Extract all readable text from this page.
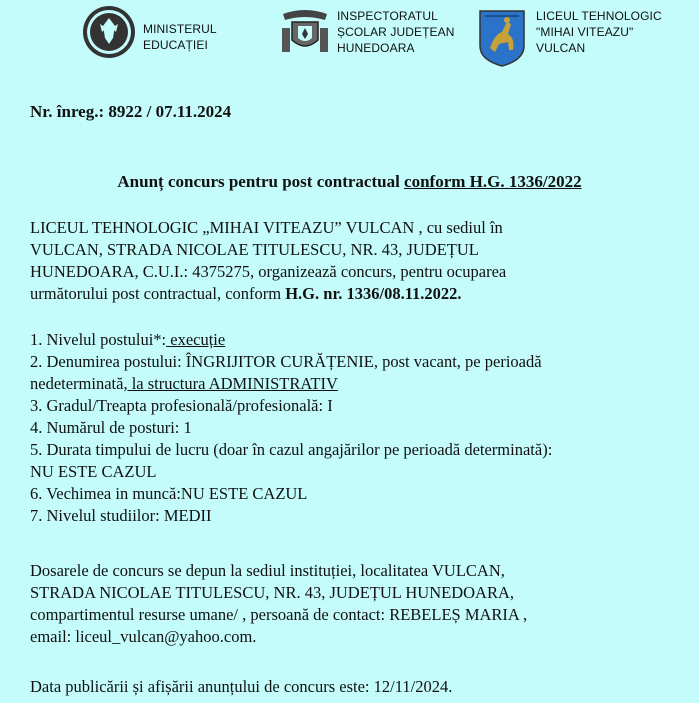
MINISTERUL
EDUCAȚIEI
INSPECTORATUL
ȘCOLAR JUDEȚEAN
HUNEDOARA
LICEUL TEHNOLOGIC
"MIHAI VITEAZU"
VULCAN
Nr. înreg.: 8922 / 07.11.2024
Anunț concurs pentru post contractual conform H.G. 1336/2022
LICEUL TEHNOLOGIC „MIHAI VITEAZU” VULCAN , cu sediul în
VULCAN, STRADA NICOLAE TITULESCU, NR. 43, JUDEȚUL
HUNEDOARA, C.U.I.: 4375275, organizează concurs, pentru ocuparea
următorului post contractual, conform H.G. nr. 1336/08.11.2022.
1. Nivelul postului*: execuție
2. Denumirea postului: ÎNGRIJITOR CURĂȚENIE, post vacant, pe perioadă
nedeterminată, la structura ADMINISTRATIV
3. Gradul/Treapta profesională/profesională: I
4. Numărul de posturi: 1
5. Durata timpului de lucru (doar în cazul angajărilor pe perioadă determinată):
NU ESTE CAZUL
6. Vechimea in muncă:NU ESTE CAZUL
7. Nivelul studiilor: MEDII
Dosarele de concurs se depun la sediul instituției, localitatea VULCAN,
STRADA NICOLAE TITULESCU, NR. 43, JUDEȚUL HUNEDOARA,
compartimentul resurse umane/ , persoană de contact: REBELEȘ MARIA ,
email: liceul_vulcan@yahoo.com.
Data publicării și afișării anunțului de concurs este: 12/11/2024.
